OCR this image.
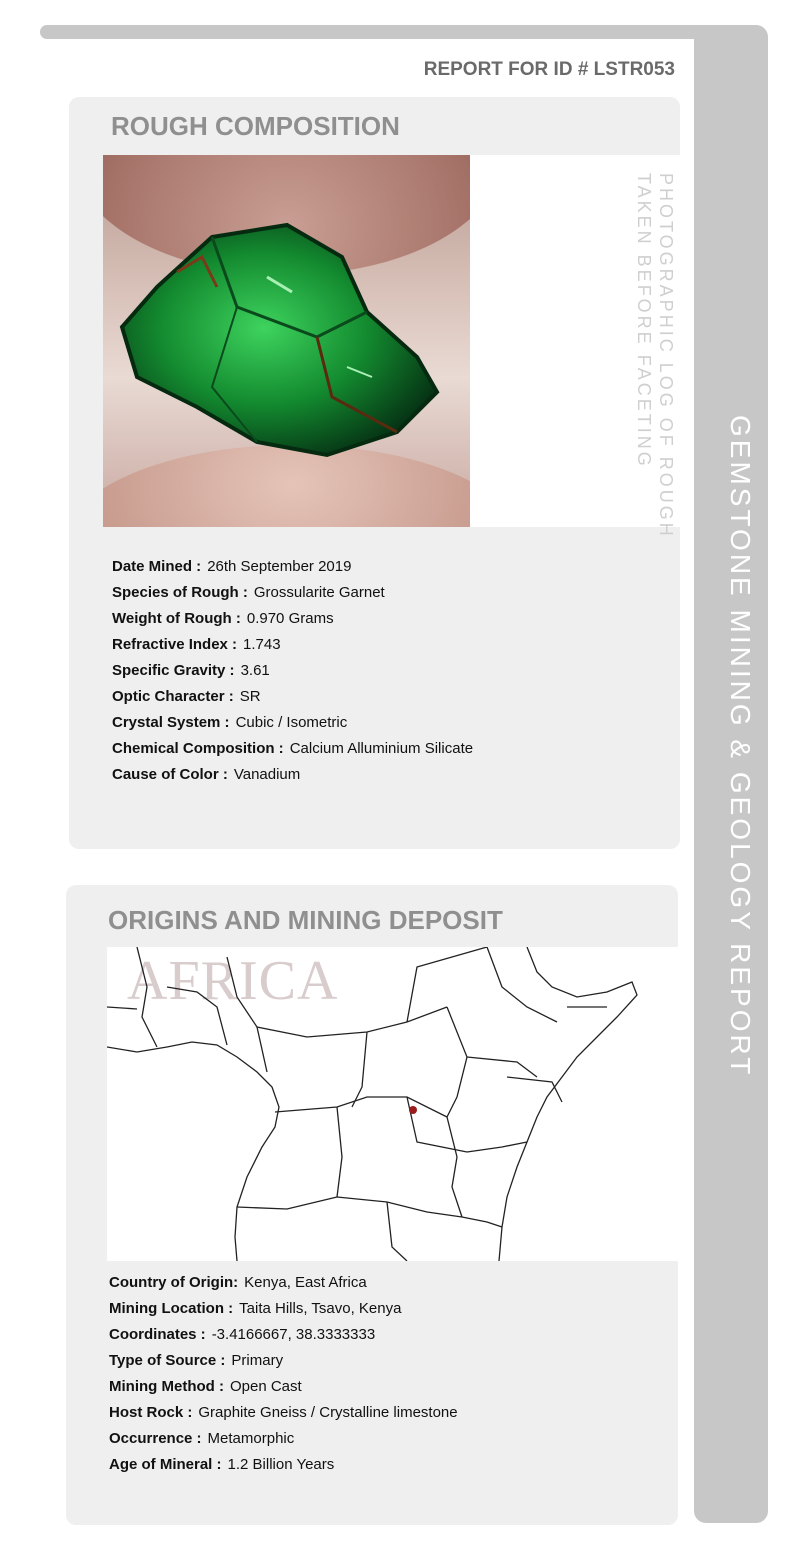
GEMSTONE MINING & GEOLOGY REPORT
REPORT FOR ID # LSTR053
ROUGH COMPOSITION
PHOTOGRAPHIC LOG OF ROUGH
TAKEN BEFORE FACETING
Date Mined : 26th September 2019
Species of Rough : Grossularite Garnet
Weight of Rough : 0.970 Grams
Refractive Index : 1.743
Specific Gravity : 3.61
Optic Character : SR
Crystal System : Cubic / Isometric
Chemical Composition : Calcium Alluminium Silicate
Cause of Color : Vanadium
ORIGINS AND MINING DEPOSIT
AFRICA
Country of Origin: Kenya, East Africa
Mining Location : Taita Hills, Tsavo, Kenya
Coordinates : -3.4166667, 38.3333333
Type of Source : Primary
Mining Method : Open Cast
Host Rock : Graphite Gneiss / Crystalline limestone
Occurrence : Metamorphic
Age of Mineral : 1.2 Billion Years
